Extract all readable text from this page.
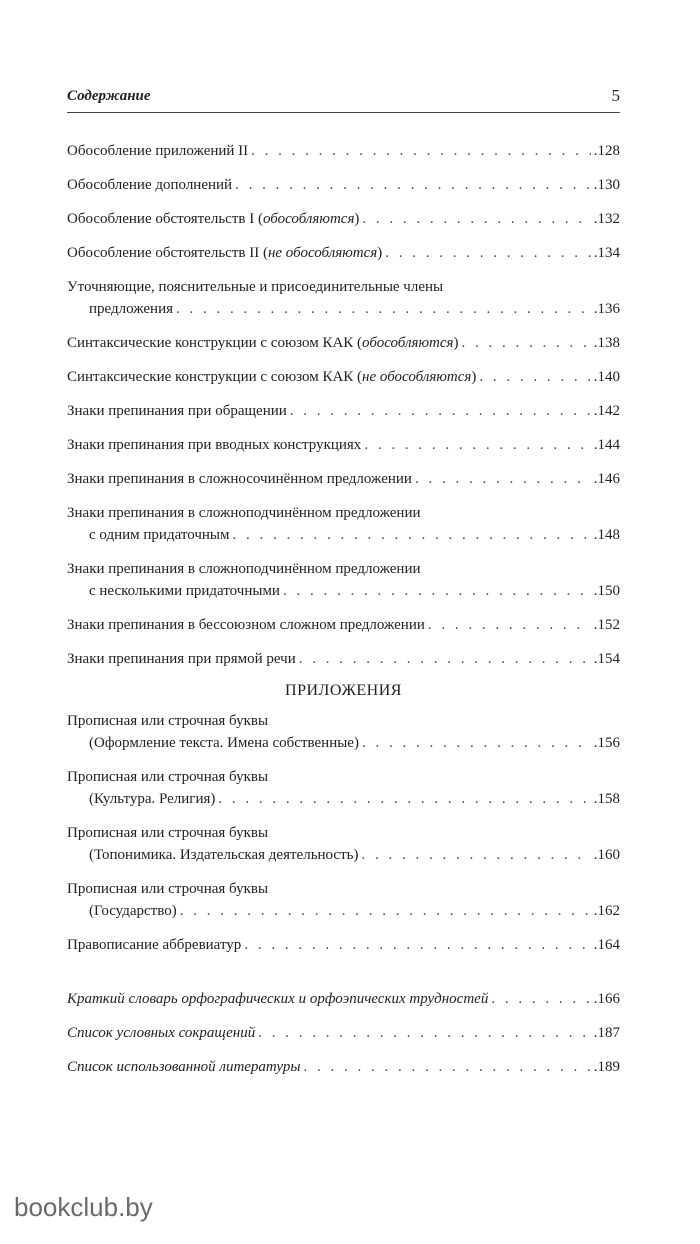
Содержание	5
Обособление приложений II . . .	.128
Обособление дополнений . . .	.130
Обособление обстоятельств I (обособляются) . . .	.132
Обособление обстоятельств II (не обособляются) . . .	.134
Уточняющие, пояснительные и присоединительные члены
предложения . . .	.136
Синтаксические конструкции с союзом КАК (обособляются) . . .	.138
Синтаксические конструкции с союзом КАК (не обособляются) . . .	.140
Знаки препинания при обращении . . .	.142
Знаки препинания при вводных конструкциях . . .	.144
Знаки препинания в сложносочинённом предложении . . .	.146
Знаки препинания в сложноподчинённом предложении
с одним придаточным . . .	.148
Знаки препинания в сложноподчинённом предложении
с несколькими придаточными . . .	.150
Знаки препинания в бессоюзном сложном предложении . . .	.152
Знаки препинания при прямой речи . . .	.154
ПРИЛОЖЕНИЯ
Прописная или строчная буквы
(Оформление текста. Имена собственные) . . .	.156
Прописная или строчная буквы
(Культура. Религия) . . .	.158
Прописная или строчная буквы
(Топонимика. Издательская деятельность) . . .	.160
Прописная или строчная буквы
(Государство) . . .	.162
Правописание аббревиатур . . .	.164
Краткий словарь орфографических и орфоэпических трудностей . . .	.166
Список условных сокращений . . .	.187
Список использованной литературы . . .	.189
bookclub.by
